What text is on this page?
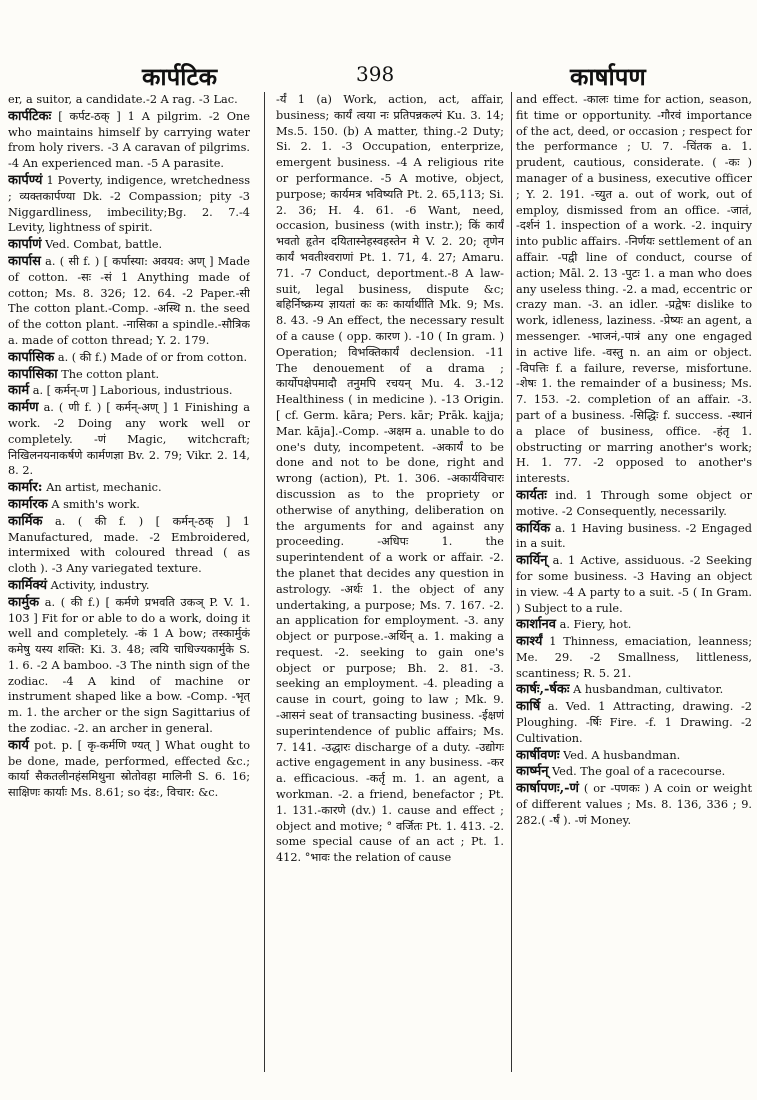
कार्पटिक	398	कार्षापण
er, a suitor, a candidate.-2 A rag. -3 Lac.
कार्पटिकः [ कर्पट-ठक् ] 1 A pilgrim. -2 One who maintains himself by carrying water from holy rivers. -3 A caravan of pilgrims. -4 An experienced man. -5 A parasite.
कार्पण्यं 1 Poverty, indigence, wretchedness ; व्यक्तकार्पण्या Dk. -2 Compassion; pity -3 Niggardliness, imbecility;Bg. 2. 7.-4 Levity, lightness of spirit.
कार्पाणं Ved. Combat, battle.
कार्पास a. ( सी f. ) [ कर्पास्या: अवयव: अण् ] Made of cotton. -सः -सं 1 Anything made of cotton; Ms. 8. 326; 12. 64. -2 Paper.-सी The cotton plant.-Comp. -अस्थि n. the seed of the cotton plant. -नासिका a spindle.-सौत्रिक a. made of cotton thread; Y. 2. 179.
कार्पासिक a. ( की f.) Made of or from cotton.
कार्पासिका The cotton plant.
कार्म a. [ कर्मन्-ण ] Laborious, industrious.
कार्मण a. ( णी f. ) [ कर्मन्-अण् ] 1 Finishing a work. -2 Doing any work well or completely. -णं Magic, witchcraft; निखिलनयनाकर्षणे कार्मणज्ञा Bv. 2. 79; Vikr. 2. 14, 8. 2.
कार्मार: An artist, mechanic.
कार्मारक A smith's work.
कार्मिक a. ( की f. ) [ कर्मन्-ठक् ] 1 Manufactured, made. -2 Embroidered, intermixed with coloured thread ( as cloth ). -3 Any variegated texture.
कार्मिक्यं Activity, industry.
कार्मुक a. ( की f.) [ कर्मणे प्रभवति उकञ् P. V. 1. 103 ] Fit for or able to do a work, doing it well and completely. -कं 1 A bow; तस्कार्मुकं कमेषु यस्य शक्ति: Ki. 3. 48; त्वयि चाधिज्यकार्मुके S. 1. 6. -2 A bamboo. -3 The ninth sign of the zodiac. -4 A kind of machine or instrument shaped like a bow. -Comp. -भृत् m. 1. the archer or the sign Sagittarius of the zodiac. -2. an archer in general.
कार्य pot. p. [ कृ-कर्मणि ण्यत् ] What ought to be done, made, performed, effected &c.; कार्या सैकतलीनहंसमिथुना स्रोतोवहा मालिनी S. 6. 16; साक्षिणः कार्याः Ms. 8.61; so दंड:, विचार: &c.
-र्यं 1 (a) Work, action, act, affair, business; कार्यं त्वया नः प्रतिपन्नकल्पं Ku. 3. 14; Ms.5. 150. (b) A matter, thing.-2 Duty; Si. 2. 1. -3 Occupation, enterprize, emergent business. -4 A religious rite or performance. -5 A motive, object, purpose; कार्यमत्र भविष्यति Pt. 2. 65,113; Si. 2. 36; H. 4. 61. -6 Want, need, occasion, business (with instr.); किं कार्यं भवतो हृतेन दयितास्नेहस्वहस्तेन मे V. 2. 20; तृणेन कार्यं भवतीश्वराणां Pt. 1. 71, 4. 27; Amaru. 71. -7 Conduct, deportment.-8 A law-suit, legal business, dispute &c; बहिर्निष्क्रम्य ज्ञायतां कः कः कार्यार्थीति Mk. 9; Ms. 8. 43. -9 An effect, the necessary result of a cause ( opp. कारण ). -10 ( In gram. ) Operation; विभक्तिकार्यं declension. -11 The denouement of a drama ; कार्योपक्षेपमादौ तनुमपि रचयन् Mu. 4. 3.-12 Healthiness ( in medicine ). -13 Origin. [ cf. Germ. kāra; Pers. kār; Prāk. kajja; Mar. kāja].-Comp. -अक्षम a. unable to do one's duty, incompetent. -अकार्यं to be done and not to be done, right and wrong (action), Pt. 1. 306. -अकार्यविचारः discussion as to the propriety or otherwise of anything, deliberation on the arguments for and against any proceeding. -अधिपः 1. the superintendent of a work or affair. -2. the planet that decides any question in astrology. -अर्थः 1. the object of any undertaking, a purpose; Ms. 7. 167. -2. an application for employment. -3. any object or purpose.-अर्थिन् a. 1. making a request. -2. seeking to gain one's object or purpose; Bh. 2. 81. -3. seeking an employment. -4. pleading a cause in court, going to law ; Mk. 9. -आसनं seat of transacting business. -ईक्षणं superintendence of public affairs; Ms. 7. 141. -उद्धारः discharge of a duty. -उद्योगः active engagement in any business. -कर a. efficacious. -कर्तृ m. 1. an agent, a workman. -2. a friend, benefactor ; Pt. 1. 131.-कारणे (dv.) 1. cause and effect ; object and motive; ° वर्जितः Pt. 1. 413. -2. some special cause of an act ; Pt. 1. 412. °भावः the relation of cause
and effect. -कालः time for action, season, fit time or opportunity. -गौरवं importance of the act, deed, or occasion ; respect for the performance ; U. 7. -चिंतक a. 1. prudent, cautious, considerate. ( -कः ) manager of a business, executive officer ; Y. 2. 191. -च्युत a. out of work, out of employ, dismissed from an office. -जातं, -दर्शनं 1. inspection of a work. -2. inquiry into public affairs. -निर्णयः settlement of an affair. -पद्वी line of conduct, course of action; Māl. 2. 13 -पुटः 1. a man who does any useless thing. -2. a mad, eccentric or crazy man. -3. an idler. -प्रद्वेषः dislike to work, idleness, laziness. -प्रेष्यः an agent, a messenger. -भाजनं,-पात्रं any one engaged in active life. -वस्तु n. an aim or object. -विपत्तिः f. a failure, reverse, misfortune. -शेषः 1. the remainder of a business; Ms. 7. 153. -2. completion of an affair. -3. part of a business. -सिद्धिः f. success. -स्थानं a place of business, office. -हंतृ 1. obstructing or marring another's work; H. 1. 77. -2 opposed to another's interests.
कार्यतः ind. 1 Through some object or motive. -2 Consequently, necessarily.
कार्यिक a. 1 Having business. -2 Engaged in a suit.
कार्यिन् a. 1 Active, assiduous. -2 Seeking for some business. -3 Having an object in view. -4 A party to a suit. -5 ( In Gram. ) Subject to a rule.
कार्शानव a. Fiery, hot.
कार्श्यं 1 Thinness, emaciation, leanness; Me. 29. -2 Smallness, littleness, scantiness; R. 5. 21.
कार्षः,-र्षकः A husbandman, cultivator.
कार्षि a. Ved. 1 Attracting, drawing. -2 Ploughing. -र्षिः Fire. -f. 1 Drawing. -2 Cultivation.
कार्षीवणः Ved. A husbandman.
कार्ष्मन् Ved. The goal of a racecourse.
कार्षापणः,-णं ( or -पणकः ) A coin or weight of different values ; Ms. 8. 136, 336 ; 9. 282.( -र्षं ). -णं Money.
